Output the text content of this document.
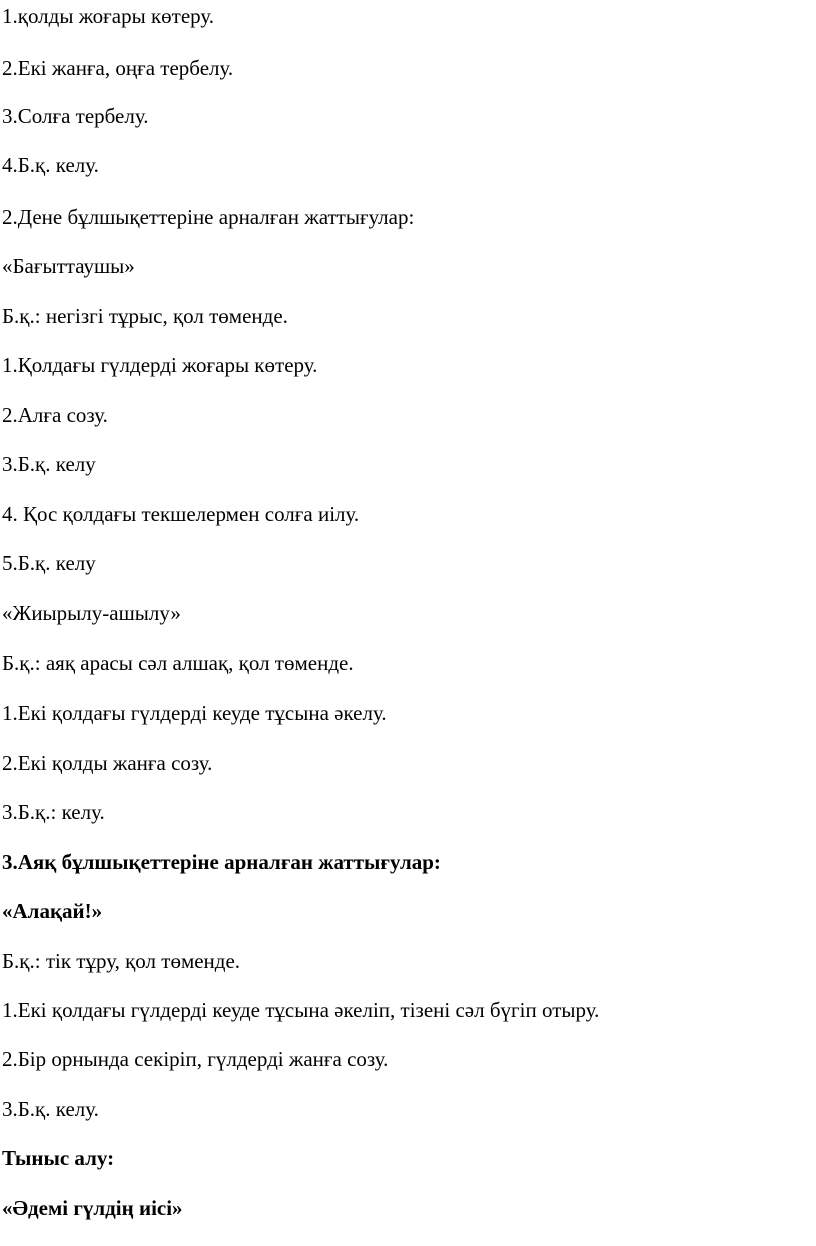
1.қолды жоғары көтеру.

2.Екі жанға, оңға тербелу.

3.Солға тербелу.

4.Б.қ. келу.

2.Дене бұлшықеттеріне арналған жаттығулар:

«Бағыттаушы»

Б.қ.: негізгі тұрыс, қол төменде.

1.Қолдағы гүлдерді жоғары көтеру.

2.Алға созу.

3.Б.қ. келу

4. Қос қолдағы текшелермен солға иілу.

5.Б.қ. келу

«Жиырылу-ашылу»

Б.қ.: аяқ арасы сәл алшақ, қол төменде.

1.Екі қолдағы гүлдерді кеуде тұсына әкелу.

2.Екі қолды жанға созу.

3.Б.қ.: келу.

3.Аяқ бұлшықеттеріне арналған жаттығулар:

«Алақай!»

Б.қ.: тік тұру, қол төменде.

1.Екі қолдағы гүлдерді кеуде тұсына әкеліп, тізені сәл бүгіп отыру.

2.Бір орнында секіріп, гүлдерді жанға созу.

3.Б.қ. келу.

Тыныс алу:

«Әдемі гүлдің иісі»
